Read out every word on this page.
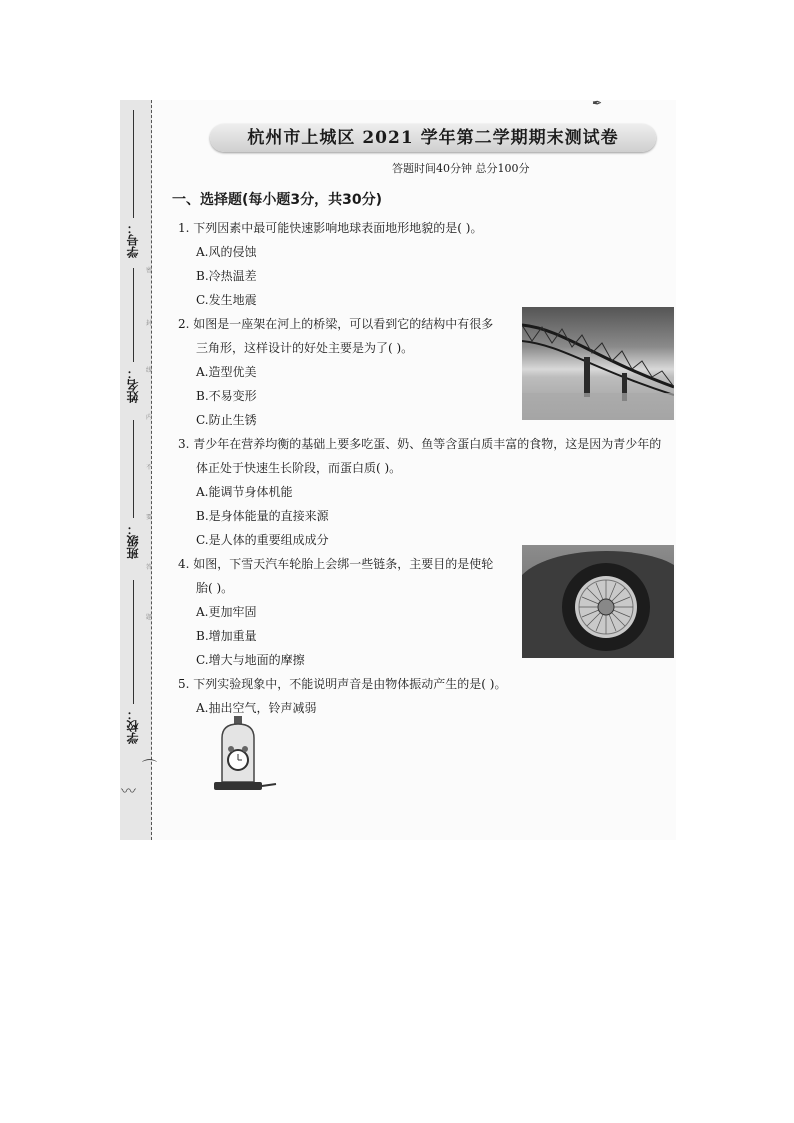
学号：
姓名：
班级：
学校：
密
封
线
内
不
要
答
题
⌒
〰
✒
杭州市上城区 2021 学年第二学期期末测试卷
答题时间40分钟 总分100分
一、选择题(每小题3分，共30分)
1. 下列因素中最可能快速影响地球表面地形地貌的是( )。
A.风的侵蚀
B.冷热温差
C.发生地震
2. 如图是一座架在河上的桥梁，可以看到它的结构中有很多
三角形，这样设计的好处主要是为了( )。
A.造型优美
B.不易变形
C.防止生锈
3. 青少年在营养均衡的基础上要多吃蛋、奶、鱼等含蛋白质丰富的食物，这是因为青少年的
体正处于快速生长阶段，而蛋白质( )。
A.能调节身体机能
B.是身体能量的直接来源
C.是人体的重要组成成分
4. 如图，下雪天汽车轮胎上会绑一些链条，主要目的是使轮
胎( )。
A.更加牢固
B.增加重量
C.增大与地面的摩擦
5. 下列实验现象中，不能说明声音是由物体振动产生的是( )。
A.抽出空气，铃声减弱
